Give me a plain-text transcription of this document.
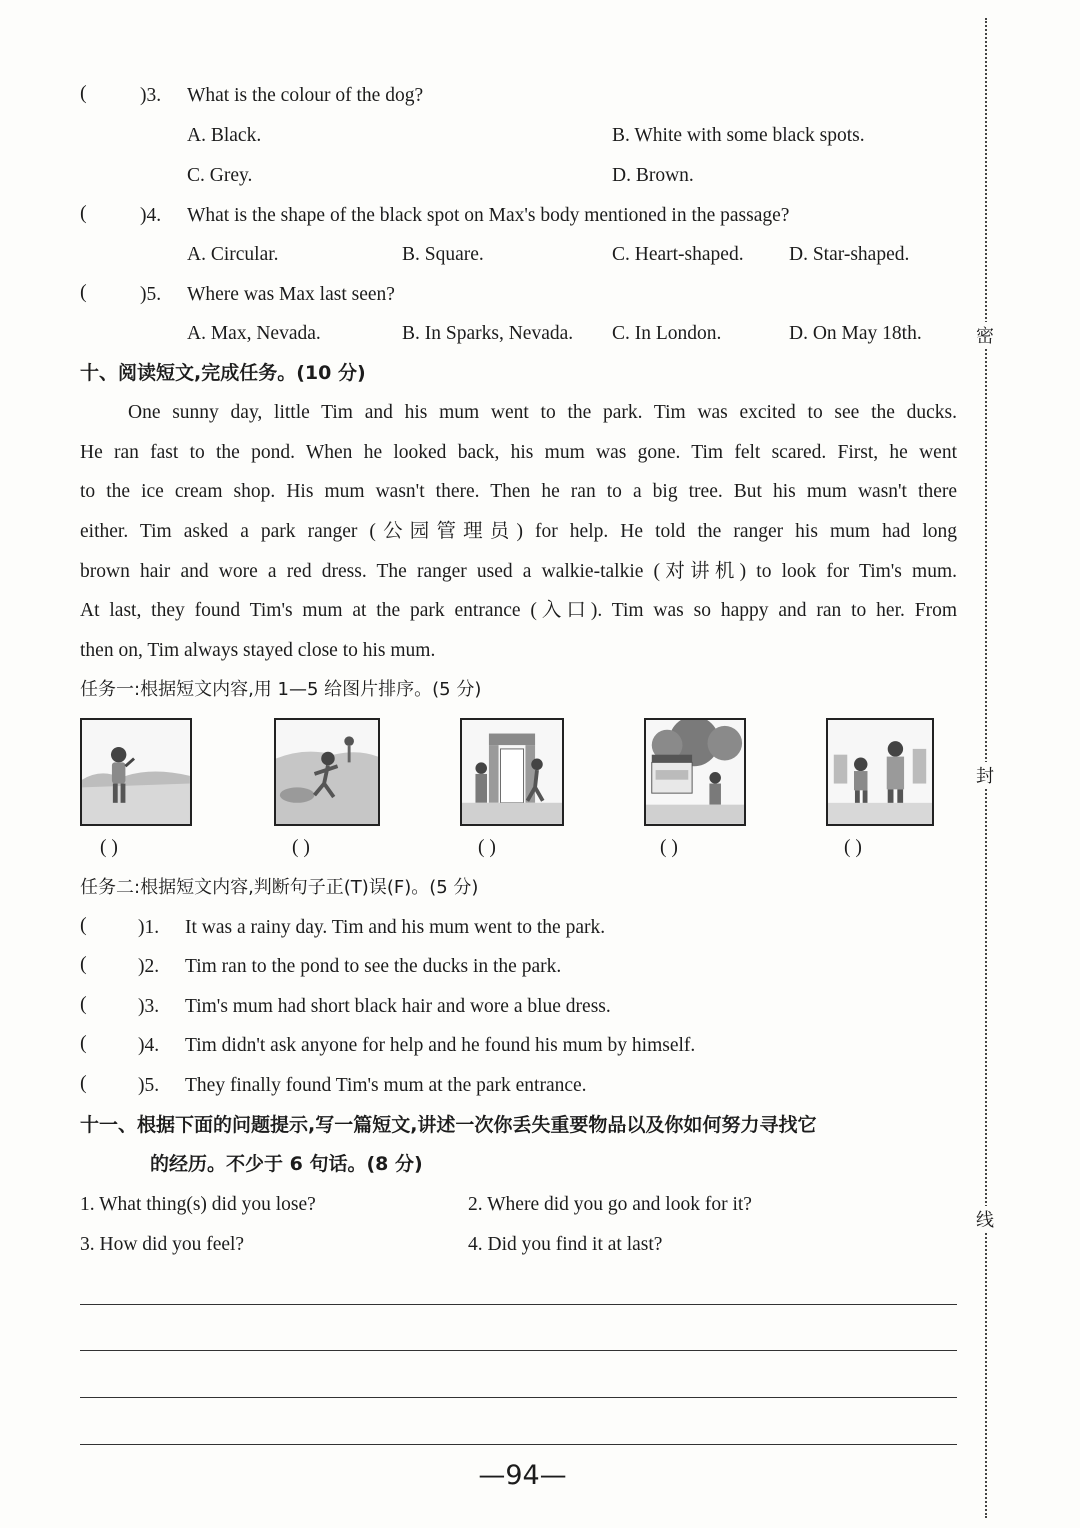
(	)3. What is the colour of the dog?
A. Black.	B. White with some black spots.
C. Grey.	D. Brown.
(	)4. What is the shape of the black spot on Max's body mentioned in the passage?
A. Circular.	B. Square.	C. Heart-shaped. D. Star-shaped.
(	)5. Where was Max last seen?
A. Max, Nevada.	B. In Sparks, Nevada. C. In London.	D. On May 18th.
十、阅读短文,完成任务。(10 分)
One sunny day, little Tim and his mum went to the park. Tim was excited to see the ducks.
He ran fast to the pond. When he looked back, his mum was gone. Tim felt scared. First, he went
to the ice cream shop. His mum wasn't there. Then he ran to a big tree. But his mum wasn't there
either. Tim asked a park ranger (公园管理员) for help. He told the ranger his mum had long
brown hair and wore a red dress. The ranger used a walkie-talkie (对讲机) to look for Tim's mum.
At last, they found Tim's mum at the park entrance (入口). Tim was so happy and ran to her. From
then on, Tim always stayed close to his mum.
任务一:根据短文内容,用 1—5 给图片排序。(5 分)
( )	( )	( )	( )	( )
任务二:根据短文内容,判断句子正(T)误(F)。(5 分)
(	)1. It was a rainy day. Tim and his mum went to the park.
(	)2. Tim ran to the pond to see the ducks in the park.
(	)3. Tim's mum had short black hair and wore a blue dress.
(	)4. Tim didn't ask anyone for help and he found his mum by himself.
(	)5. They finally found Tim's mum at the park entrance.
十一、根据下面的问题提示,写一篇短文,讲述一次你丢失重要物品以及你如何努力寻找它
的经历。不少于 6 句话。(8 分)
1. What thing(s) did you lose?	2. Where did you go and look for it?
3. How did you feel?	4. Did you find it at last?
密
封
线
—94—
